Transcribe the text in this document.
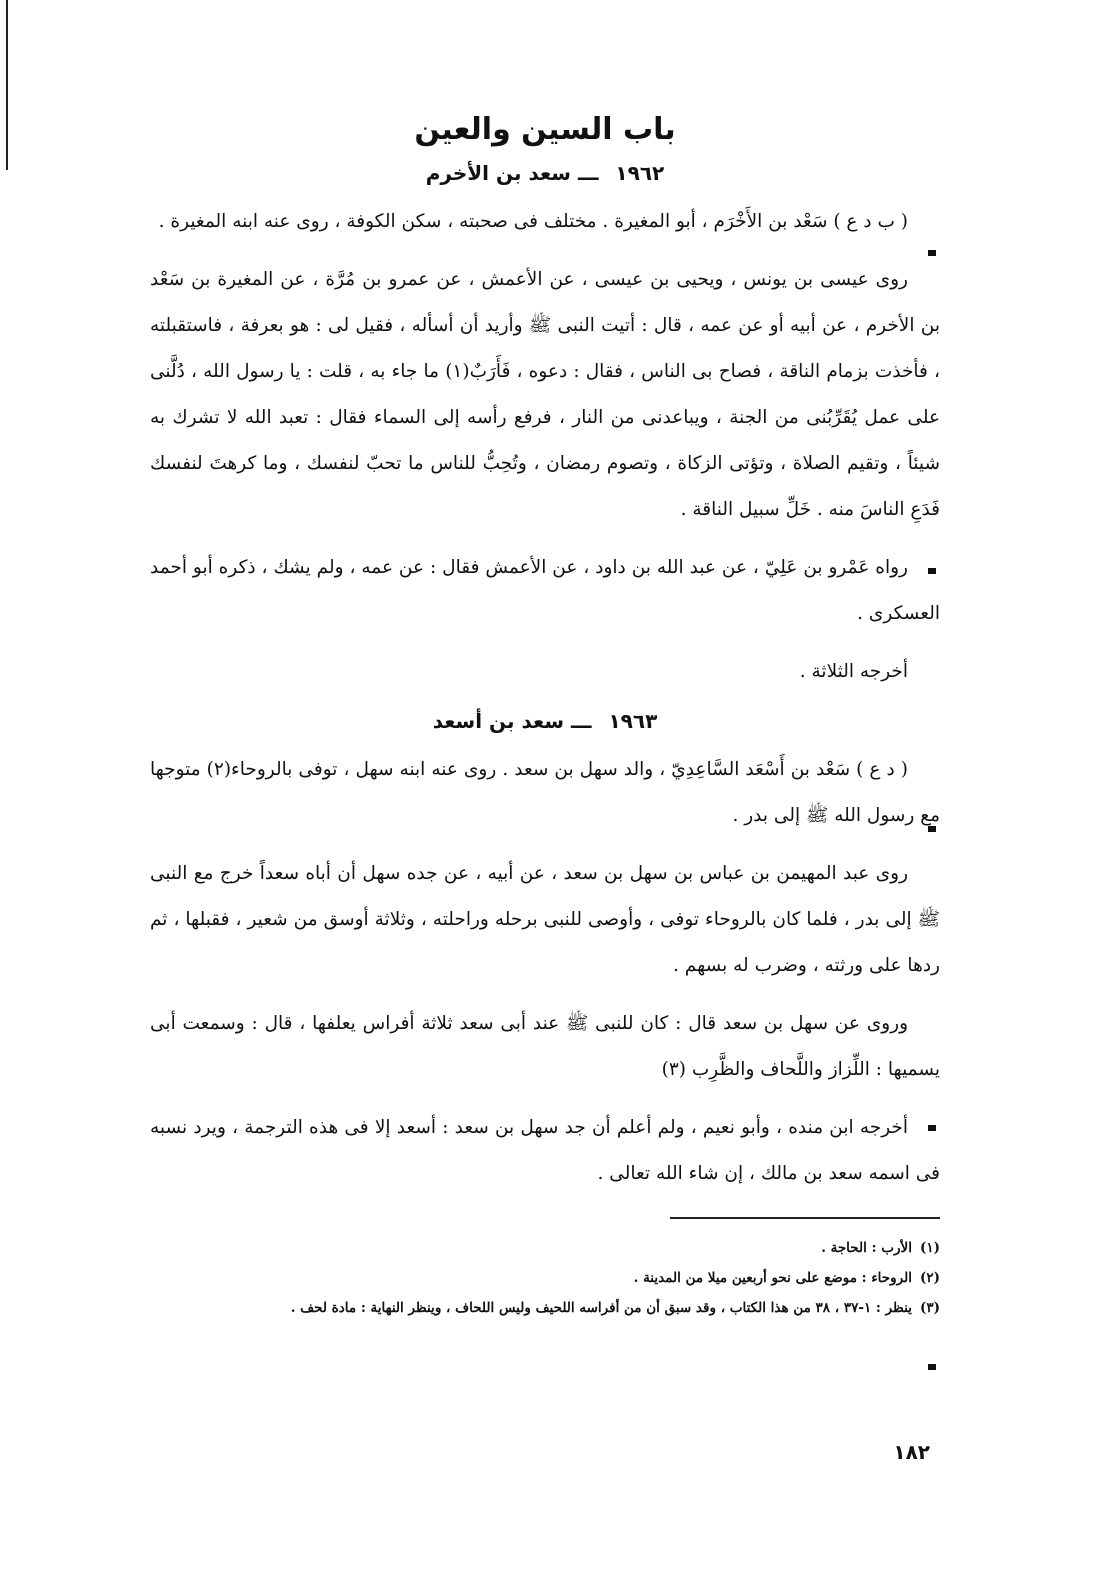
باب السين والعين
١٩٦٢ ـــ سعد بن الأخرم

( ب د ع ) سَعْد بن الأَخْرَم ، أبو المغيرة . مختلف فى صحبته ، سكن الكوفة ، روى عنه ابنه المغيرة .

روى عيسى بن يونس ، ويحيى بن عيسى ، عن الأعمش ، عن عمرو بن مُرَّة ، عن المغيرة بن سَعْد بن الأخرم ، عن أبيه أو عن عمه ، قال : أتيت النبى ﷺ وأريد أن أسأله ، فقيل لى : هو بعرفة ، فاستقبلته ، فأخذت بزمام الناقة ، فصاح بى الناس ، فقال : دعوه ، فَأَرَبٌ(١) ما جاء به ، قلت : يا رسول الله ، دُلَّنى على عمل يُقَرِّبُنى من الجنة ، ويباعدنى من النار ، فرفع رأسه إلى السماء فقال : تعبد الله لا تشرك به شيئاً ، وتقيم الصلاة ، وتؤتى الزكاة ، وتصوم رمضان ، وتُحِبُّ للناس ما تحبّ لنفسك ، وما كرهتَ لنفسك فَدَعِ الناسَ منه . خَلِّ سبيل الناقة .

رواه عَمْرو بن عَلِيّ ، عن عبد الله بن داود ، عن الأعمش فقال : عن عمه ، ولم يشك ، ذكره أبو أحمد العسكرى .

أخرجه الثلاثة .

١٩٦٣ ـــ سعد بن أسعد

( د ع ) سَعْد بن أَسْعَد السَّاعِدِيّ ، والد سهل بن سعد . روى عنه ابنه سهل ، توفى بالروحاء(٢) متوجها مع رسول الله ﷺ إلى بدر .

روى عبد المهيمن بن عباس بن سهل بن سعد ، عن أبيه ، عن جده سهل أن أباه سعداً خرج مع النبى ﷺ إلى بدر ، فلما كان بالروحاء توفى ، وأوصى للنبى برحله وراحلته ، وثلاثة أوسق من شعير ، فقبلها ، ثم ردها على ورثته ، وضرب له بسهم .

وروى عن سهل بن سعد قال : كان للنبى ﷺ عند أبى سعد ثلاثة أفراس يعلفها ، قال : وسمعت أبى يسميها : اللِّزاز واللَّحاف والظَّرِب (٣)

أخرجه ابن منده ، وأبو نعيم ، ولم أعلم أن جد سهل بن سعد : أسعد إلا فى هذه الترجمة ، ويرد نسبه فى اسمه سعد بن مالك ، إن شاء الله تعالى .

(١)الأرب : الحاجة .

(٢)الروحاء : موضع على نحو أربعين ميلا من المدينة .

(٣)ينظر : ١-٣٧ ، ٣٨ من هذا الكتاب ، وقد سبق أن من أفراسه اللحيف وليس اللحاف ، وينظر النهاية : مادة لحف .

١٨٢
